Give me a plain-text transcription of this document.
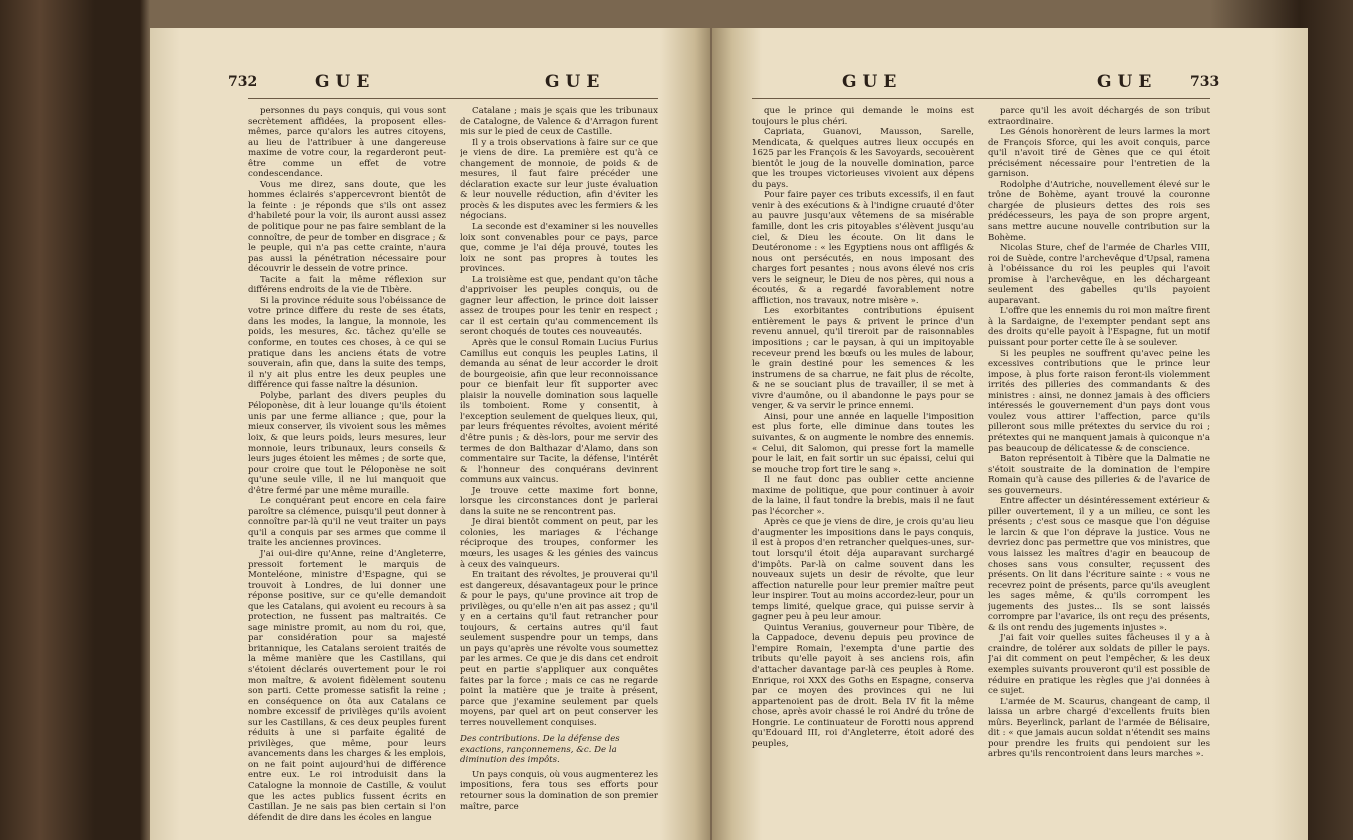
732	GUE	GUE

personnes du pays conquis, qui vous sont secrètement affidées, la proposent elles-mêmes, parce qu'alors les autres citoyens, au lieu de l'attribuer à une dangereuse maxime de votre cour, la regarderont peut-être comme un effet de votre condescendance.

Vous me direz, sans doute, que les hommes éclairés s'appercevront bientôt de la feinte : je réponds que s'ils ont assez d'habileté pour la voir, ils auront aussi assez de politique pour ne pas faire semblant de la connoître, de peur de tomber en disgrace ; & le peuple, qui n'a pas cette crainte, n'aura pas aussi la pénétration nécessaire pour découvrir le dessein de votre prince.

Tacite a fait la même réflexion sur différens endroits de la vie de Tibère.

Si la province réduite sous l'obéissance de votre prince differe du reste de ses états, dans les modes, la langue, la monnoie, les poids, les mesures, &c. tâchez qu'elle se conforme, en toutes ces choses, à ce qui se pratique dans les anciens états de votre souverain, afin que, dans la suite des temps, il n'y ait plus entre les deux peuples une différence qui fasse naître la désunion.

Polybe, parlant des divers peuples du Péloponèse, dit à leur louange qu'ils étoient unis par une ferme alliance ; que, pour la mieux conserver, ils vivoient sous les mêmes loix, & que leurs poids, leurs mesures, leur monnoie, leurs tribunaux, leurs conseils & leurs juges étoient les mêmes ; de sorte que, pour croire que tout le Péloponèse ne soit qu'une seule ville, il ne lui manquoit que d'être fermé par une même muraille.

Le conquérant peut encore en cela faire paroître sa clémence, puisqu'il peut donner à connoître par-là qu'il ne veut traiter un pays qu'il a conquis par ses armes que comme il traite les anciennes provinces.

J'ai oui-dire qu'Anne, reine d'Angleterre, pressoit fortement le marquis de Monteléone, ministre d'Espagne, qui se trouvoit à Londres, de lui donner une réponse positive, sur ce qu'elle demandoit que les Catalans, qui avoient eu recours à sa protection, ne fussent pas maltraités. Ce sage ministre promit, au nom du roi, que, par considération pour sa majesté britannique, les Catalans seroient traités de la même manière que les Castillans, qui s'étoient déclarés ouvertement pour le roi mon maître, & avoient fidèlement soutenu son parti. Cette promesse satisfit la reine ; en conséquence on ôta aux Catalans ce nombre excessif de privilèges qu'ils avoient sur les Castillans, & ces deux peuples furent réduits à une si parfaite égalité de privilèges, que même, pour leurs avancements dans les charges & les emplois, on ne fait point aujourd'hui de différence entre eux. Le roi introduisit dans la Catalogne la monnoie de Castille, & voulut que les actes publics fussent écrits en Castillan. Je ne sais pas bien certain si l'on défendit de dire dans les écoles en langue

Catalane ; mais je sçais que les tribunaux de Catalogne, de Valence & d'Arragon furent mis sur le pied de ceux de Castille.

Il y a trois observations à faire sur ce que je viens de dire. La première est qu'à ce changement de monnoie, de poids & de mesures, il faut faire précéder une déclaration exacte sur leur juste évaluation & leur nouvelle réduction, afin d'éviter les procès & les disputes avec les fermiers & les négocians.

La seconde est d'examiner si les nouvelles loix sont convenables pour ce pays, parce que, comme je l'ai déja prouvé, toutes les loix ne sont pas propres à toutes les provinces.

La troisième est que, pendant qu'on tâche d'apprivoiser les peuples conquis, ou de gagner leur affection, le prince doit laisser assez de troupes pour les tenir en respect ; car il est certain qu'au commencement ils seront choqués de toutes ces nouveautés.

Après que le consul Romain Lucius Furius Camillus eut conquis les peuples Latins, il demanda au sénat de leur accorder le droit de bourgeoisie, afin que leur reconnoissance pour ce bienfait leur fît supporter avec plaisir la nouvelle domination sous laquelle ils tomboient. Rome y consentit, à l'exception seulement de quelques lieux, qui, par leurs fréquentes révoltes, avoient mérité d'être punis ; & dès-lors, pour me servir des termes de don Balthazar d'Alamo, dans son commentaire sur Tacite, la défense, l'intérêt & l'honneur des conquérans devinrent communs aux vaincus.

Je trouve cette maxime fort bonne, lorsque les circonstances dont je parlerai dans la suite ne se rencontrent pas.

Je dirai bientôt comment on peut, par les colonies, les mariages & l'échange réciproque des troupes, conformer les mœurs, les usages & les génies des vaincus à ceux des vainqueurs.

En traitant des révoltes, je prouverai qu'il est dangereux, désavantageux pour le prince & pour le pays, qu'une province ait trop de privilèges, ou qu'elle n'en ait pas assez ; qu'il y en a certains qu'il faut retrancher pour toujours, & certains autres qu'il faut seulement suspendre pour un temps, dans un pays qu'après une révolte vous soumettez par les armes. Ce que je dis dans cet endroit peut en partie s'appliquer aux conquêtes faites par la force ; mais ce cas ne regarde point la matière que je traite à présent, parce que j'examine seulement par quels moyens, par quel art on peut conserver les terres nouvellement conquises.

Des contributions. De la défense des exactions, rançonnemens, &c. De la diminution des impôts.

Un pays conquis, où vous augmenterez les impositions, fera tous ses efforts pour retourner sous la domination de son premier maître, parce

GUE	GUE 733

que le prince qui demande le moins est toujours le plus chéri.

Capriata, Guanovi, Mausson, Sarelle, Mendicata, & quelques autres lieux occupés en 1625 par les François & les Savoyards, secouèrent bientôt le joug de la nouvelle domination, parce que les troupes victorieuses vivoient aux dépens du pays.

Pour faire payer ces tributs excessifs, il en faut venir à des exécutions & à l'indigne cruauté d'ôter au pauvre jusqu'aux vêtemens de sa misérable famille, dont les cris pitoyables s'élèvent jusqu'au ciel, & Dieu les écoute. On lit dans le Deutéronome : « les Egyptiens nous ont affligés & nous ont persécutés, en nous imposant des charges fort pesantes ; nous avons élevé nos cris vers le seigneur, le Dieu de nos pères, qui nous a écoutés, & a regardé favorablement notre affliction, nos travaux, notre misère ».

Les exorbitantes contributions épuisent entièrement le pays & privent le prince d'un revenu annuel, qu'il tireroit par de raisonnables impositions ; car le paysan, à qui un impitoyable receveur prend les bœufs ou les mules de labour, le grain destiné pour les semences & les instrumens de sa charrue, ne fait plus de récolte, & ne se souciant plus de travailler, il se met à vivre d'aumône, ou il abandonne le pays pour se venger, & va servir le prince ennemi.

Ainsi, pour une année en laquelle l'imposition est plus forte, elle diminue dans toutes les suivantes, & on augmente le nombre des ennemis. « Celui, dit Salomon, qui presse fort la mamelle pour le lait, en fait sortir un suc épaissi, celui qui se mouche trop fort tire le sang ».

Il ne faut donc pas oublier cette ancienne maxime de politique, que pour continuer à avoir de la laine, il faut tondre la brebis, mais il ne faut pas l'écorcher ».

Après ce que je viens de dire, je crois qu'au lieu d'augmenter les impositions dans le pays conquis, il est à propos d'en retrancher quelques-unes, sur-tout lorsqu'il étoit déja auparavant surchargé d'impôts. Par-là on calme souvent dans les nouveaux sujets un desir de révolte, que leur affection naturelle pour leur premier maître peut leur inspirer. Tout au moins accordez-leur, pour un temps limité, quelque grace, qui puisse servir à gagner peu à peu leur amour.

Quintus Veranius, gouverneur pour Tibère, de la Cappadoce, devenu depuis peu province de l'empire Romain, l'exempta d'une partie des tributs qu'elle payoit à ses anciens rois, afin d'attacher davantage par-là ces peuples à Rome. Enrique, roi XXX des Goths en Espagne, conserva par ce moyen des provinces qui ne lui appartenoient pas de droit. Bela IV fit la même chose, après avoir chassé le roi André du trône de Hongrie. Le continuateur de Forotti nous apprend qu'Edouard III, roi d'Angleterre, étoit adoré des peuples,

parce qu'il les avoit déchargés de son tribut extraordinaire.

Les Génois honorèrent de leurs larmes la mort de François Sforce, qui les avoit conquis, parce qu'il n'avoit tiré de Gènes que ce qui étoit précisément nécessaire pour l'entretien de la garnison.

Rodolphe d'Autriche, nouvellement élevé sur le trône de Bohème, ayant trouvé la couronne chargée de plusieurs dettes des rois ses prédécesseurs, les paya de son propre argent, sans mettre aucune nouvelle contribution sur la Bohème.

Nicolas Sture, chef de l'armée de Charles VIII, roi de Suède, contre l'archevêque d'Upsal, ramena à l'obéissance du roi les peuples qui l'avoit promise à l'archevêque, en les déchargeant seulement des gabelles qu'ils payoient auparavant.

L'offre que les ennemis du roi mon maître firent à la Sardaigne, de l'exempter pendant sept ans des droits qu'elle payoit à l'Espagne, fut un motif puissant pour porter cette île à se soulever.

Si les peuples ne souffrent qu'avec peine les excessives contributions que le prince leur impose, à plus forte raison feront-ils violemment irrités des pilleries des commandants & des ministres : ainsi, ne donnez jamais à des officiers intéressés le gouvernement d'un pays dont vous voulez vous attirer l'affection, parce qu'ils pilleront sous mille prétextes du service du roi ; prétextes qui ne manquent jamais à quiconque n'a pas beaucoup de délicatesse & de conscience.

Baton représentoit à Tibère que la Dalmatie ne s'étoit soustraite de la domination de l'empire Romain qu'à cause des pilleries & de l'avarice de ses gouverneurs.

Entre affecter un désintéressement extérieur & piller ouvertement, il y a un milieu, ce sont les présents ; c'est sous ce masque que l'on déguise le larcin & que l'on déprave la justice. Vous ne devriez donc pas permettre que vos ministres, que vous laissez les maîtres d'agir en beaucoup de choses sans vous consulter, reçussent des présents. On lit dans l'écriture sainte : « vous ne recevrez point de présents, parce qu'ils aveuglent les sages même, & qu'ils corrompent les jugements des justes... Ils se sont laissés corrompre par l'avarice, ils ont reçu des présents, & ils ont rendu des jugements injustes ».

J'ai fait voir quelles suites fâcheuses il y a à craindre, de tolérer aux soldats de piller le pays. J'ai dit comment on peut l'empêcher, & les deux exemples suivants prouveront qu'il est possible de réduire en pratique les règles que j'ai données à ce sujet.

L'armée de M. Scaurus, changeant de camp, il laissa un arbre chargé d'excellents fruits bien mûrs. Beyerlinck, parlant de l'armée de Bélisaire, dit : « que jamais aucun soldat n'étendit ses mains pour prendre les fruits qui pendoient sur les arbres qu'ils rencontroient dans leurs marches ».
